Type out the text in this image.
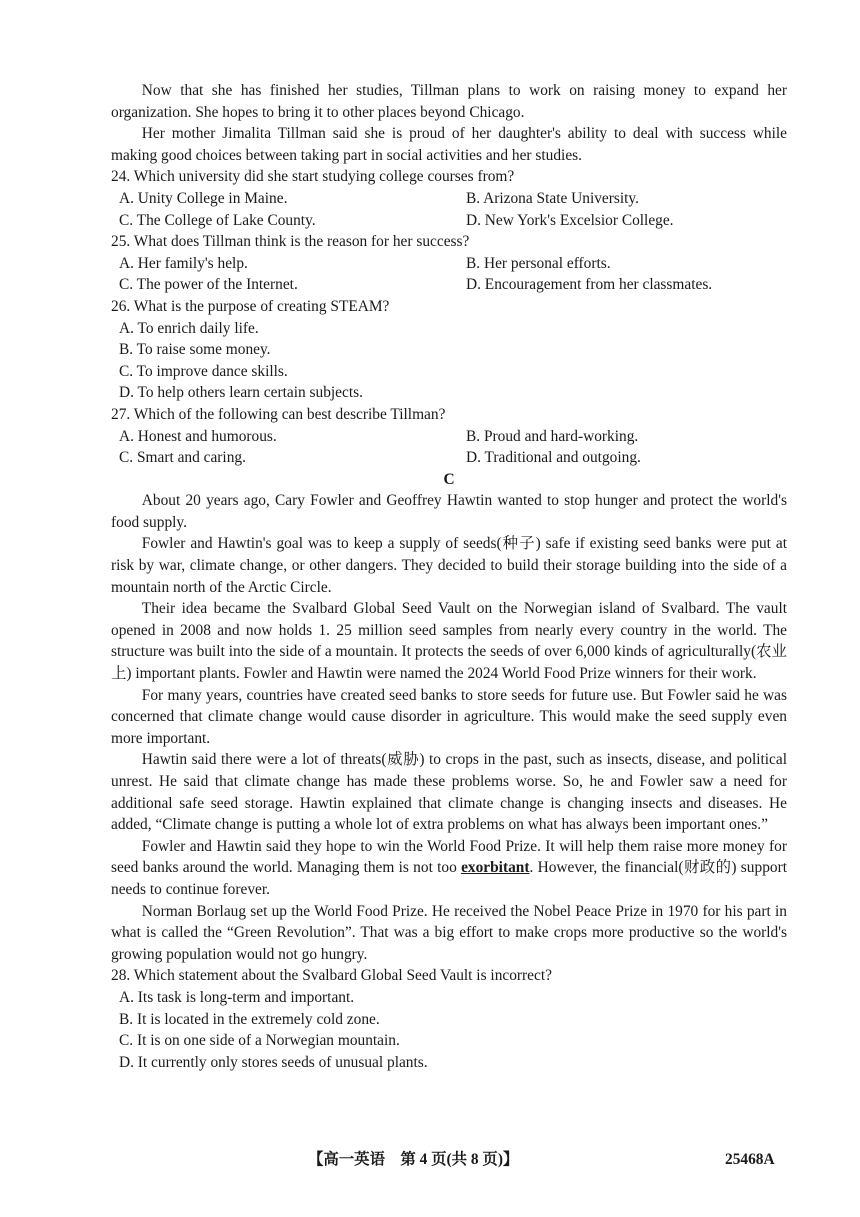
Now that she has finished her studies, Tillman plans to work on raising money to expand her organization. She hopes to bring it to other places beyond Chicago.

Her mother Jimalita Tillman said she is proud of her daughter's ability to deal with success while making good choices between taking part in social activities and her studies.

24. Which university did she start studying college courses from?

A. Unity College in Maine.	B. Arizona State University.
C. The College of Lake County.	D. New York's Excelsior College.

25. What does Tillman think is the reason for her success?

A. Her family's help.	B. Her personal efforts.
C. The power of the Internet.	D. Encouragement from her classmates.

26. What is the purpose of creating STEAM?

A. To enrich daily life.
B. To raise some money.
C. To improve dance skills.
D. To help others learn certain subjects.

27. Which of the following can best describe Tillman?

A. Honest and humorous.	B. Proud and hard-working.
C. Smart and caring.	D. Traditional and outgoing.

C

About 20 years ago, Cary Fowler and Geoffrey Hawtin wanted to stop hunger and protect the world's food supply.

Fowler and Hawtin's goal was to keep a supply of seeds(种子) safe if existing seed banks were put at risk by war, climate change, or other dangers. They decided to build their storage building into the side of a mountain north of the Arctic Circle.

Their idea became the Svalbard Global Seed Vault on the Norwegian island of Svalbard. The vault opened in 2008 and now holds 1. 25 million seed samples from nearly every country in the world. The structure was built into the side of a mountain. It protects the seeds of over 6,000 kinds of agriculturally(农业上) important plants. Fowler and Hawtin were named the 2024 World Food Prize winners for their work.

For many years, countries have created seed banks to store seeds for future use. But Fowler said he was concerned that climate change would cause disorder in agriculture. This would make the seed supply even more important.

Hawtin said there were a lot of threats(威胁) to crops in the past, such as insects, disease, and political unrest. He said that climate change has made these problems worse. So, he and Fowler saw a need for additional safe seed storage. Hawtin explained that climate change is changing insects and diseases. He added, “Climate change is putting a whole lot of extra problems on what has always been important ones.”

Fowler and Hawtin said they hope to win the World Food Prize. It will help them raise more money for seed banks around the world. Managing them is not too exorbitant. However, the financial(财政的) support needs to continue forever.

Norman Borlaug set up the World Food Prize. He received the Nobel Peace Prize in 1970 for his part in what is called the “Green Revolution”. That was a big effort to make crops more productive so the world's growing population would not go hungry.

28. Which statement about the Svalbard Global Seed Vault is incorrect?

A. Its task is long-term and important.
B. It is located in the extremely cold zone.
C. It is on one side of a Norwegian mountain.
D. It currently only stores seeds of unusual plants.
【高一英语　第 4 页(共 8 页)】	25468A
